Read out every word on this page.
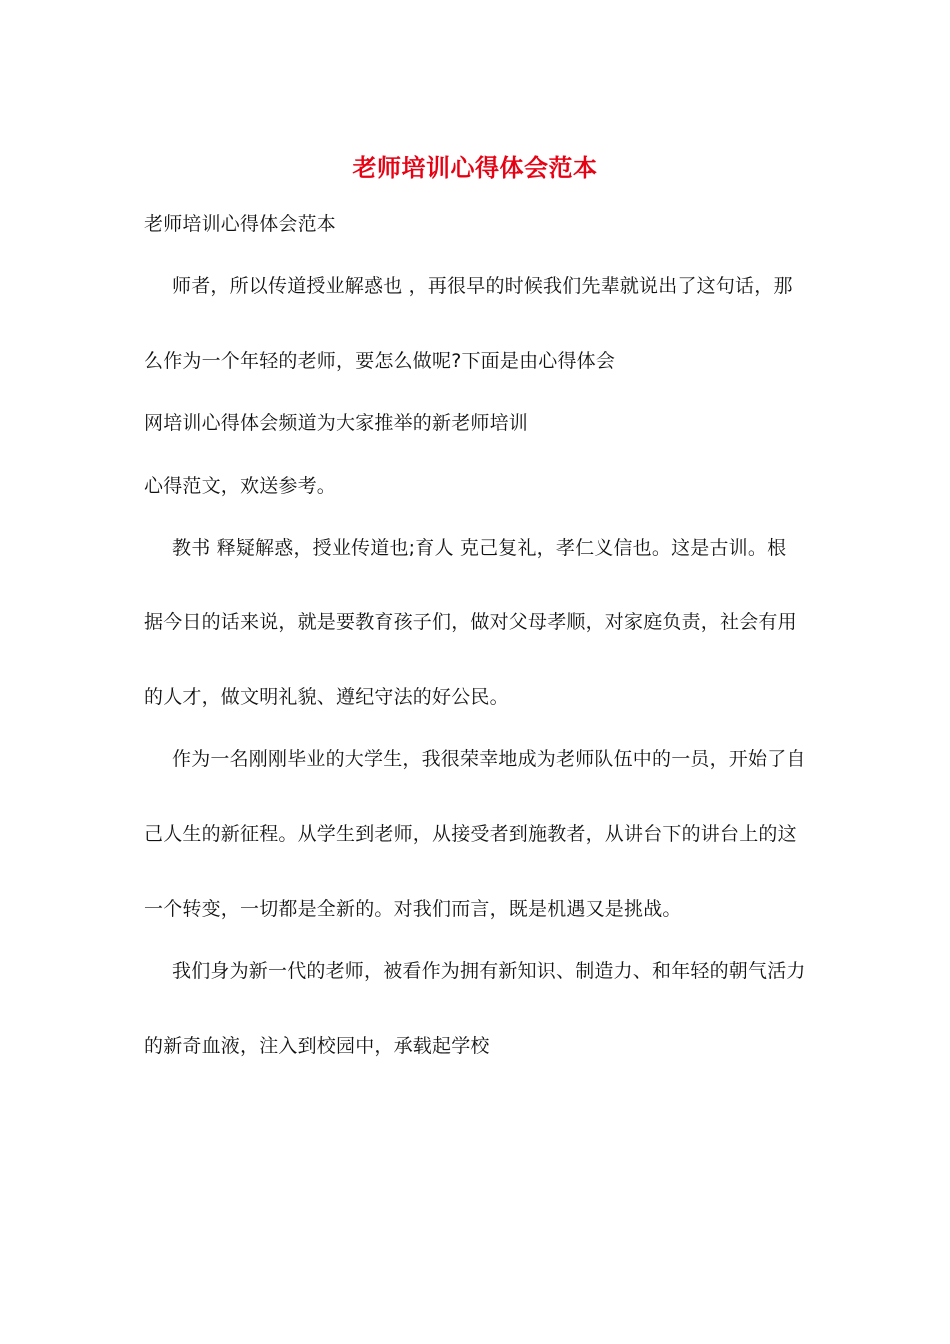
老师培训心得体会范本
老师培训心得体会范本
师者，所以传道授业解惑也 ，再很早的时候我们先辈就说出了这句话，那
么作为一个年轻的老师，要怎么做呢?下面是由心得体会
网培训心得体会频道为大家推举的新老师培训
心得范文，欢送参考。
教书 释疑解惑，授业传道也;育人 克己复礼，孝仁义信也。这是古训。根
据今日的话来说，就是要教育孩子们，做对父母孝顺，对家庭负责，社会有用
的人才，做文明礼貌、遵纪守法的好公民。
作为一名刚刚毕业的大学生，我很荣幸地成为老师队伍中的一员，开始了自
己人生的新征程。从学生到老师，从接受者到施教者，从讲台下的讲台上的这
一个转变，一切都是全新的。对我们而言，既是机遇又是挑战。
我们身为新一代的老师，被看作为拥有新知识、制造力、和年轻的朝气活力
的新奇血液，注入到校园中，承载起学校
